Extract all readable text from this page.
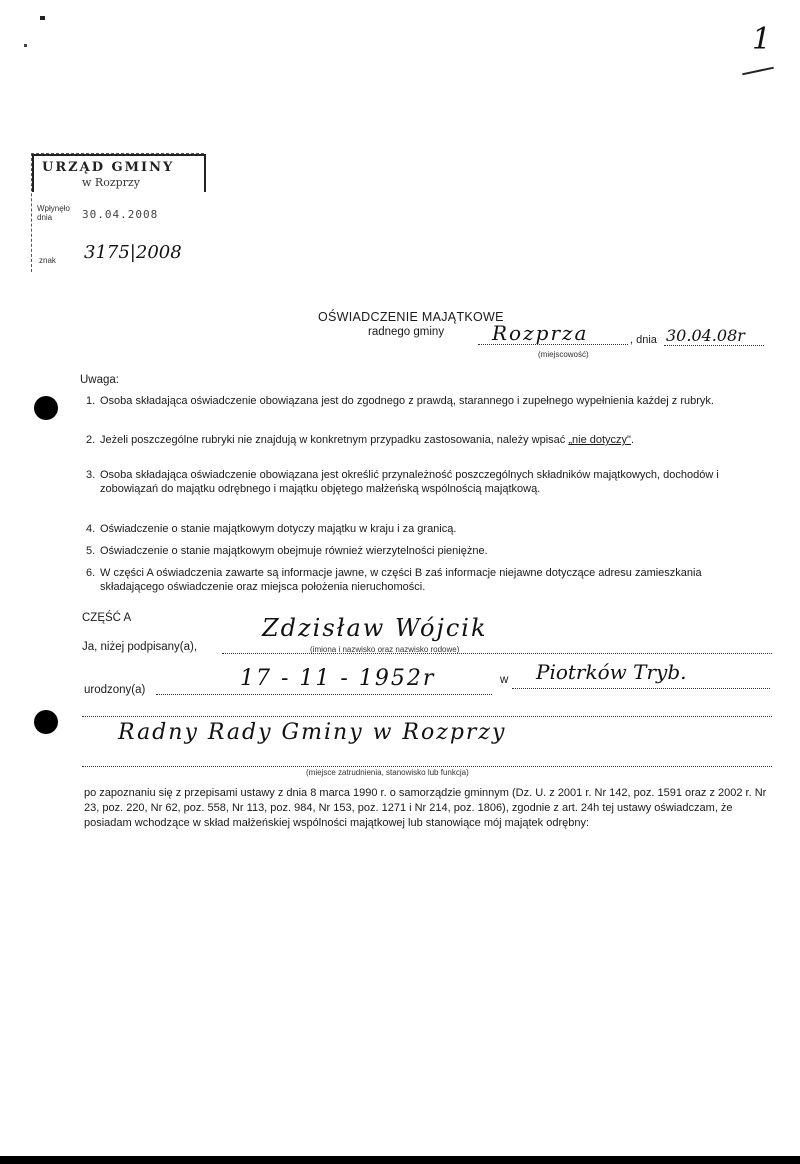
1
URZĄD GMINY
w Rozprzy
Wpłynęło dnia	30.04.2008
znak 3175|2008
OŚWIADCZENIE MAJĄTKOWE
radnego gminy Rozprza
(miejscowość)
, dnia 30.04.08r
Uwaga:
1. Osoba składająca oświadczenie obowiązana jest do zgodnego z prawdą, starannego i zupełnego wypełnienia każdej z rubryk.
2. Jeżeli poszczególne rubryki nie znajdują w konkretnym przypadku zastosowania, należy wpisać „nie dotyczy".
3. Osoba składająca oświadczenie obowiązana jest określić przynależność poszczególnych składników majątkowych, dochodów i zobowiązań do majątku odrębnego i majątku objętego małżeńską wspólnością majątkową.
4. Oświadczenie o stanie majątkowym dotyczy majątku w kraju i za granicą.
5. Oświadczenie o stanie majątkowym obejmuje również wierzytelności pieniężne.
6. W części A oświadczenia zawarte są informacje jawne, w części B zaś informacje niejawne dotyczące adresu zamieszkania składającego oświadczenie oraz miejsca położenia nieruchomości.
CZĘŚĆ A
Ja, niżej podpisany(a),
Zdzisław Wójcik
(imiona i nazwisko oraz nazwisko rodowe)
urodzony(a)	17 - 11 - 1952r	w Piotrków Tryb.
Radny Rady Gminy w Rozprzy
(miejsce zatrudnienia, stanowisko lub funkcja)
po zapoznaniu się z przepisami ustawy z dnia 8 marca 1990 r. o samorządzie gminnym (Dz. U. z 2001 r. Nr 142, poz. 1591 oraz z 2002 r. Nr 23, poz. 220, Nr 62, poz. 558, Nr 113, poz. 984, Nr 153, poz. 1271 i Nr 214, poz. 1806), zgodnie z art. 24h tej ustawy oświadczam, że posiadam wchodzące w skład małżeńskiej wspólności majątkowej lub stanowiące mój majątek odrębny:
